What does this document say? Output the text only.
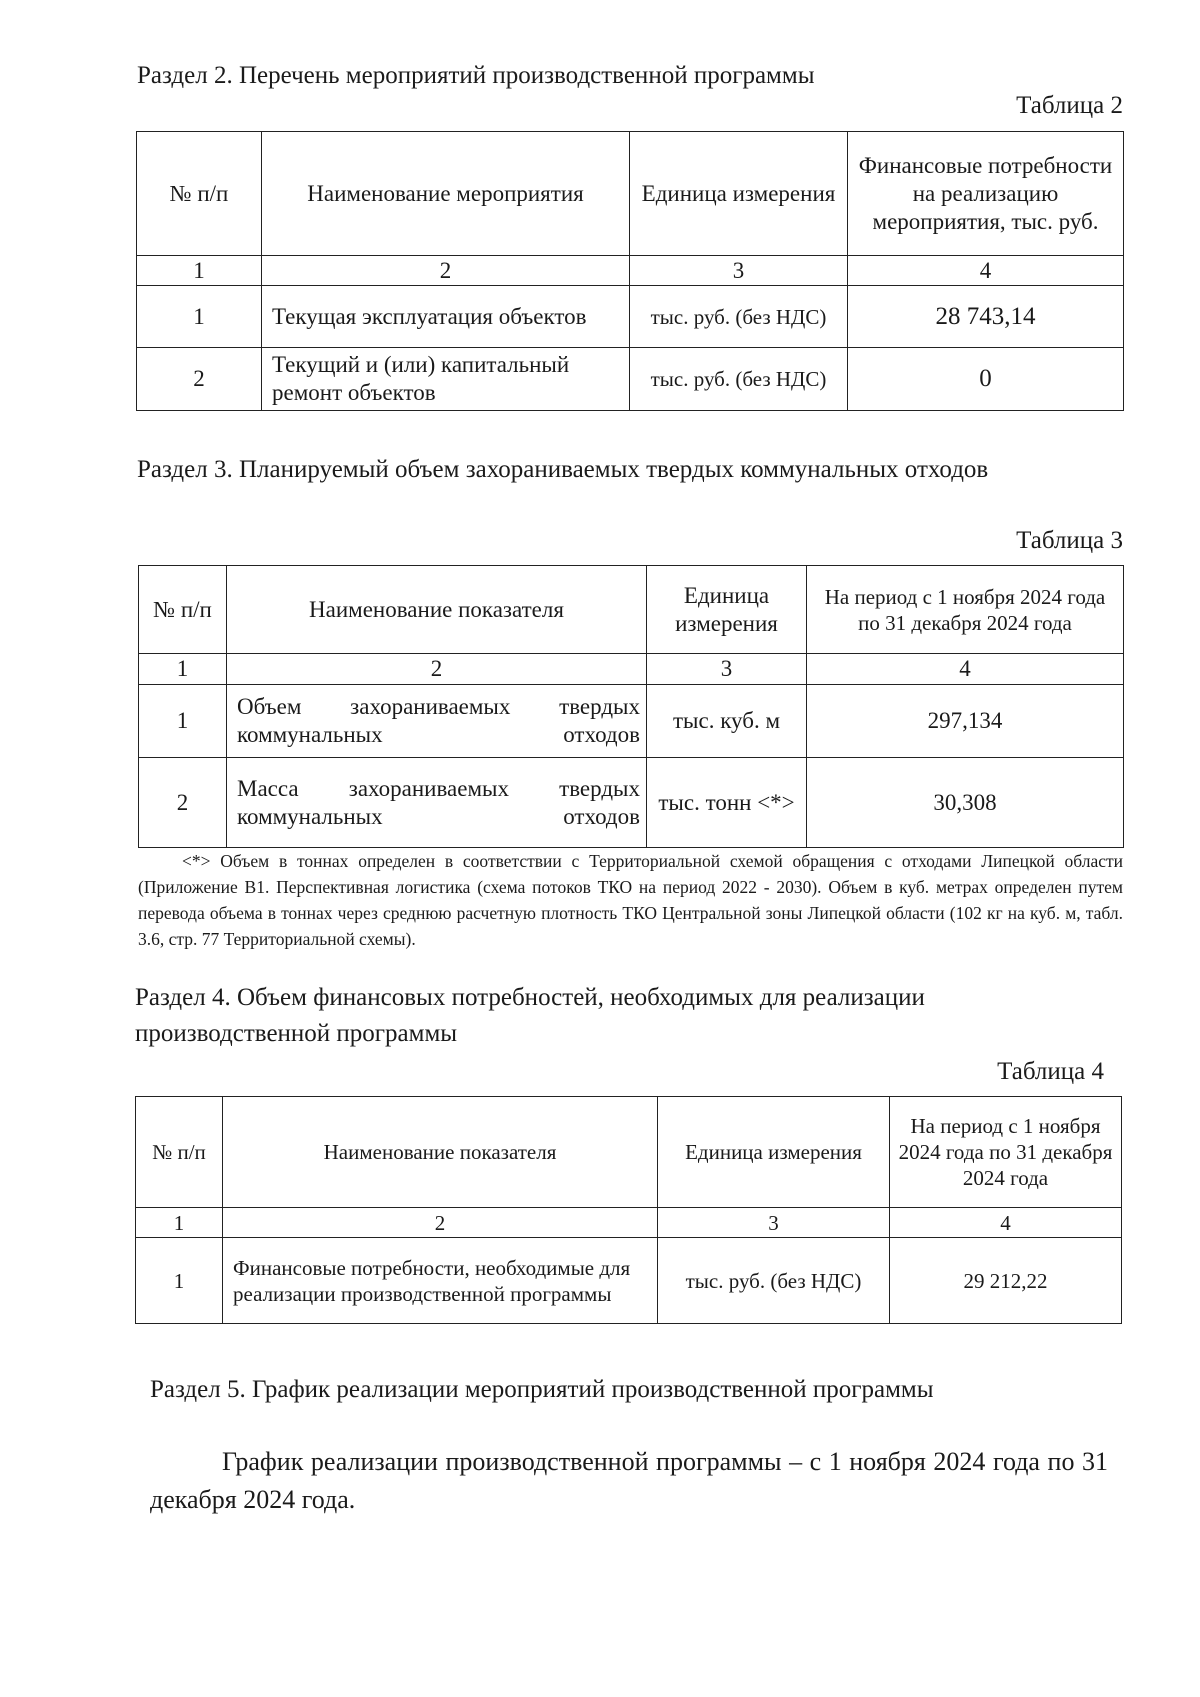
Раздел 2. Перечень мероприятий производственной программы
Таблица 2
№ п/п	Наименование мероприятия	Единица измерения	Финансовые потребности на реализацию мероприятия, тыс. руб.
1	2	3	4
1	Текущая эксплуатация объектов	тыс. руб. (без НДС)	28 743,14
2	Текущий и (или) капитальный ремонт объектов	тыс. руб. (без НДС)	0
Раздел 3. Планируемый объем захораниваемых твердых коммунальных отходов
Таблица 3
№ п/п	Наименование показателя	Единица измерения	На период с 1 ноября 2024 года по 31 декабря 2024 года
1	2	3	4
1	Объем захораниваемых твердых коммунальных отходов	тыс. куб. м	297,134
2	Масса захораниваемых твердых коммунальных отходов	тыс. тонн <*>	30,308
<*> Объем в тоннах определен в соответствии с Территориальной схемой обращения с отходами Липецкой области (Приложение В1. Перспективная логистика (схема потоков ТКО на период 2022 - 2030). Объем в куб. метрах определен путем перевода объема в тоннах через среднюю расчетную плотность ТКО Центральной зоны Липецкой области (102 кг на куб. м, табл. 3.6, стр. 77 Территориальной схемы).
Раздел 4. Объем финансовых потребностей, необходимых для реализации производственной программы
Таблица 4
№ п/п	Наименование показателя	Единица измерения	На период с 1 ноября 2024 года по 31 декабря 2024 года
1	2	3	4
1	Финансовые потребности, необходимые для реализации производственной программы	тыс. руб. (без НДС)	29 212,22
Раздел 5. График реализации мероприятий производственной программы
График реализации производственной программы – с 1 ноября 2024 года по 31 декабря 2024 года.
